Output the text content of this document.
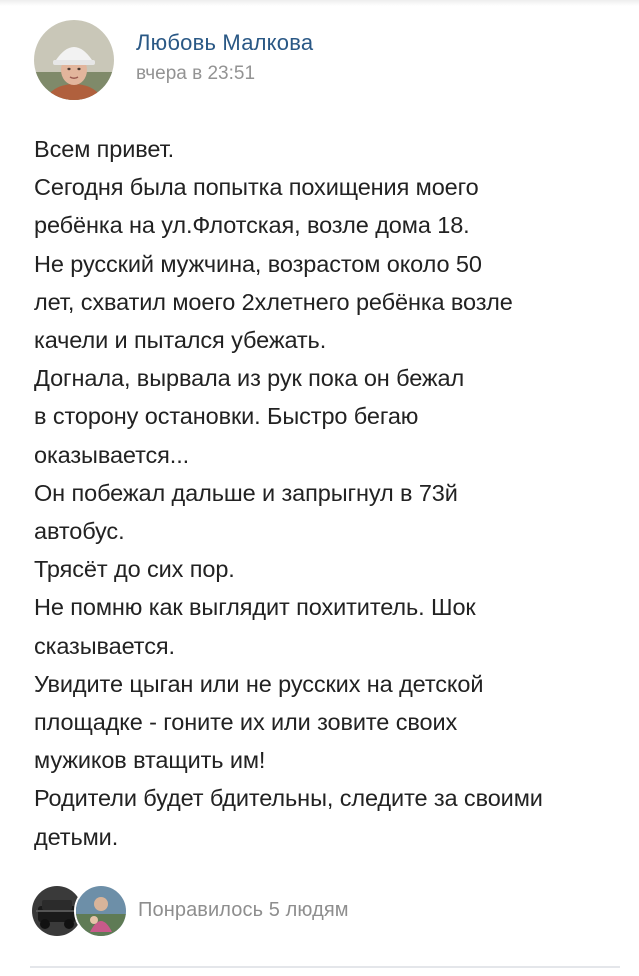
Любовь Малкова
вчера в 23:51
Всем привет.
Сегодня была попытка похищения моего
ребёнка на ул.Флотская, возле дома 18.
Не русский мужчина, возрастом около 50
лет, схватил моего 2хлетнего ребёнка возле
качели и пытался убежать.
Догнала, вырвала из рук пока он бежал
в сторону остановки. Быстро бегаю
оказывается...
Он побежал дальше и запрыгнул в 73й
автобус.
Трясёт до сих пор.
Не помню как выглядит похититель. Шок
сказывается.
Увидите цыган или не русских на детской
площадке - гоните их или зовите своих
мужиков втащить им!
Родители будет бдительны, следите за своими
детьми.
Понравилось 5 людям
